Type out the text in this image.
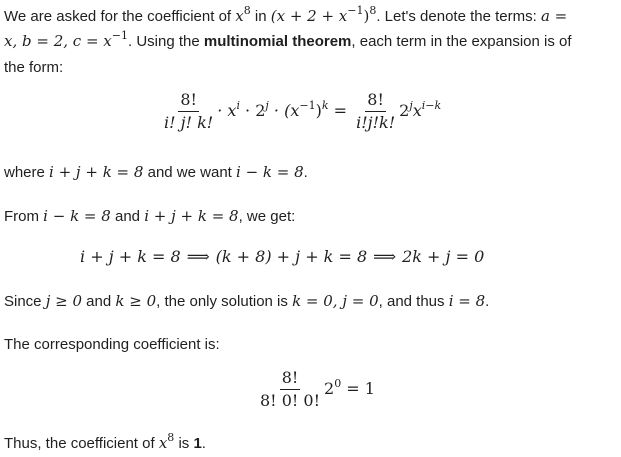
We are asked for the coefficient of $x^8$ in $(x + 2 + x^{-1})^8$. Let's denote the terms: a =
x, b = 2, $c = x^{-1}$. Using the multinomial theorem, each term in the expansion is of
the form:
$\frac{8!}{i! j! k!} \cdot x^i \cdot 2^j \cdot (x^{-1})^k = \frac{8!}{i!j!k!} 2^jx^{i-k}$
where i + j + k = 8 and we want i − k = 8.
From i − k = 8 and i + j + k = 8, we get:
i + j + k = 8 ⟹ (k + 8) + j + k = 8 ⟹ 2k + j = 0
Since j ≥ 0 and k ≥ 0, the only solution is k = 0, j = 0, and thus i = 8.
The corresponding coefficient is:
$\frac{8!}{8! 0! 0!} 2^0 = 1$
Thus, the coefficient of $x^8$ is 1.
